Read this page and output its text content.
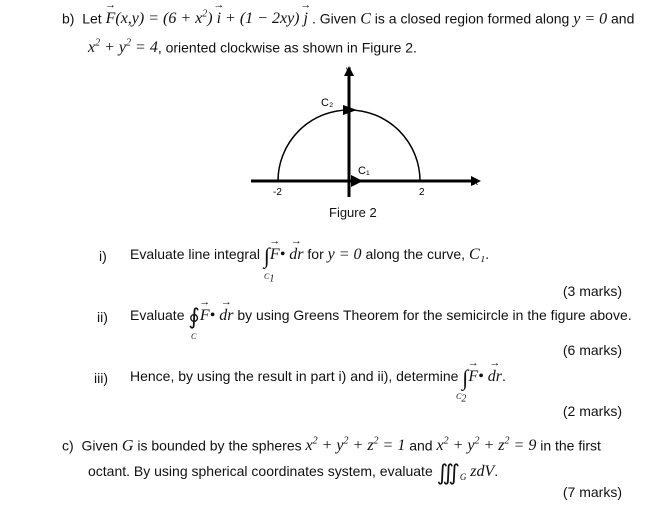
b) Let → $F(x,y) = (6 + x^2) \to i + (1 - 2xy) \to j$ . Given C is a closed region formed along y = 0 and
$x^2 + y^2 = 4$, oriented clockwise as shown in Figure 2.
C₂
C₁
y
x
-2	2
Figure 2
i) Evaluate line integral ∫→ F• → dr for y = 0 along the curve, C₁.
$C_1$
(3 marks)
ii) Evaluate ∮→ F• → dr by using Greens Theorem for the semicircle in the figure above.
C
(6 marks)
iii) Hence, by using the result in part i) and ii), determine ∫→ F• → dr.
$C_2$
(2 marks)
c) Given G is bounded by the spheres $x^2 + y^2 + z^2 = 1$ and $x^2 + y^2 + z^2 = 9$ in the first
octant. By using spherical coordinates system, evaluate $∭_G$ zdV.
(7 marks)
